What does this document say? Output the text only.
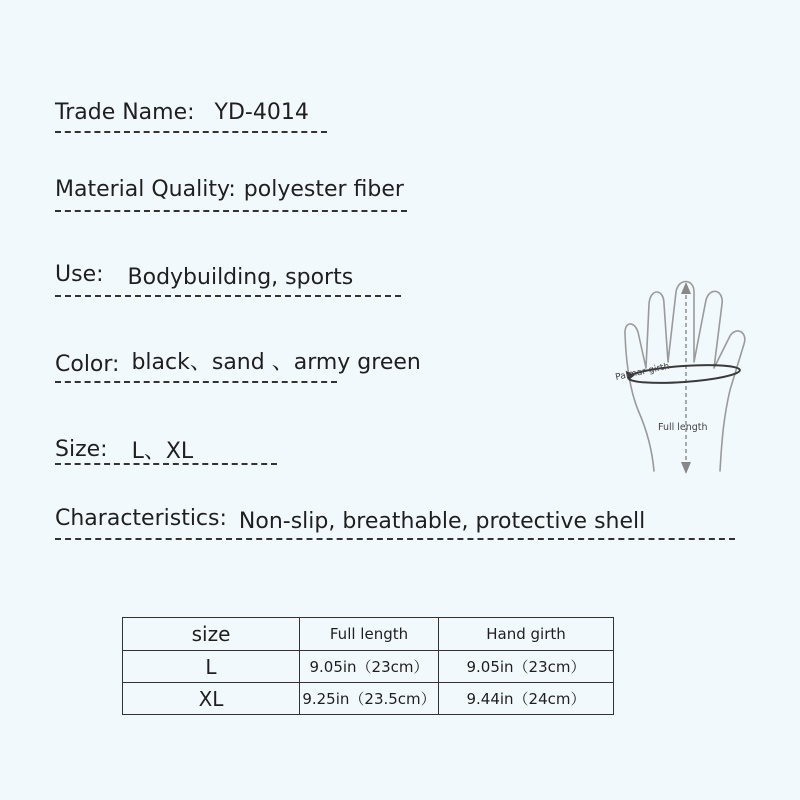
Trade Name: YD-4014
Material Quality: polyester fiber
Use: Bodybuilding, sports
Color: black、sand 、army green
Size: L、XL
Characteristics: Non-slip, breathable, protective shell
Palmar girth
Full length
size	Full length	Hand girth
L	9.05in（23cm）	9.05in（23cm）
XL	9.25in（23.5cm）	9.44in（24cm）
